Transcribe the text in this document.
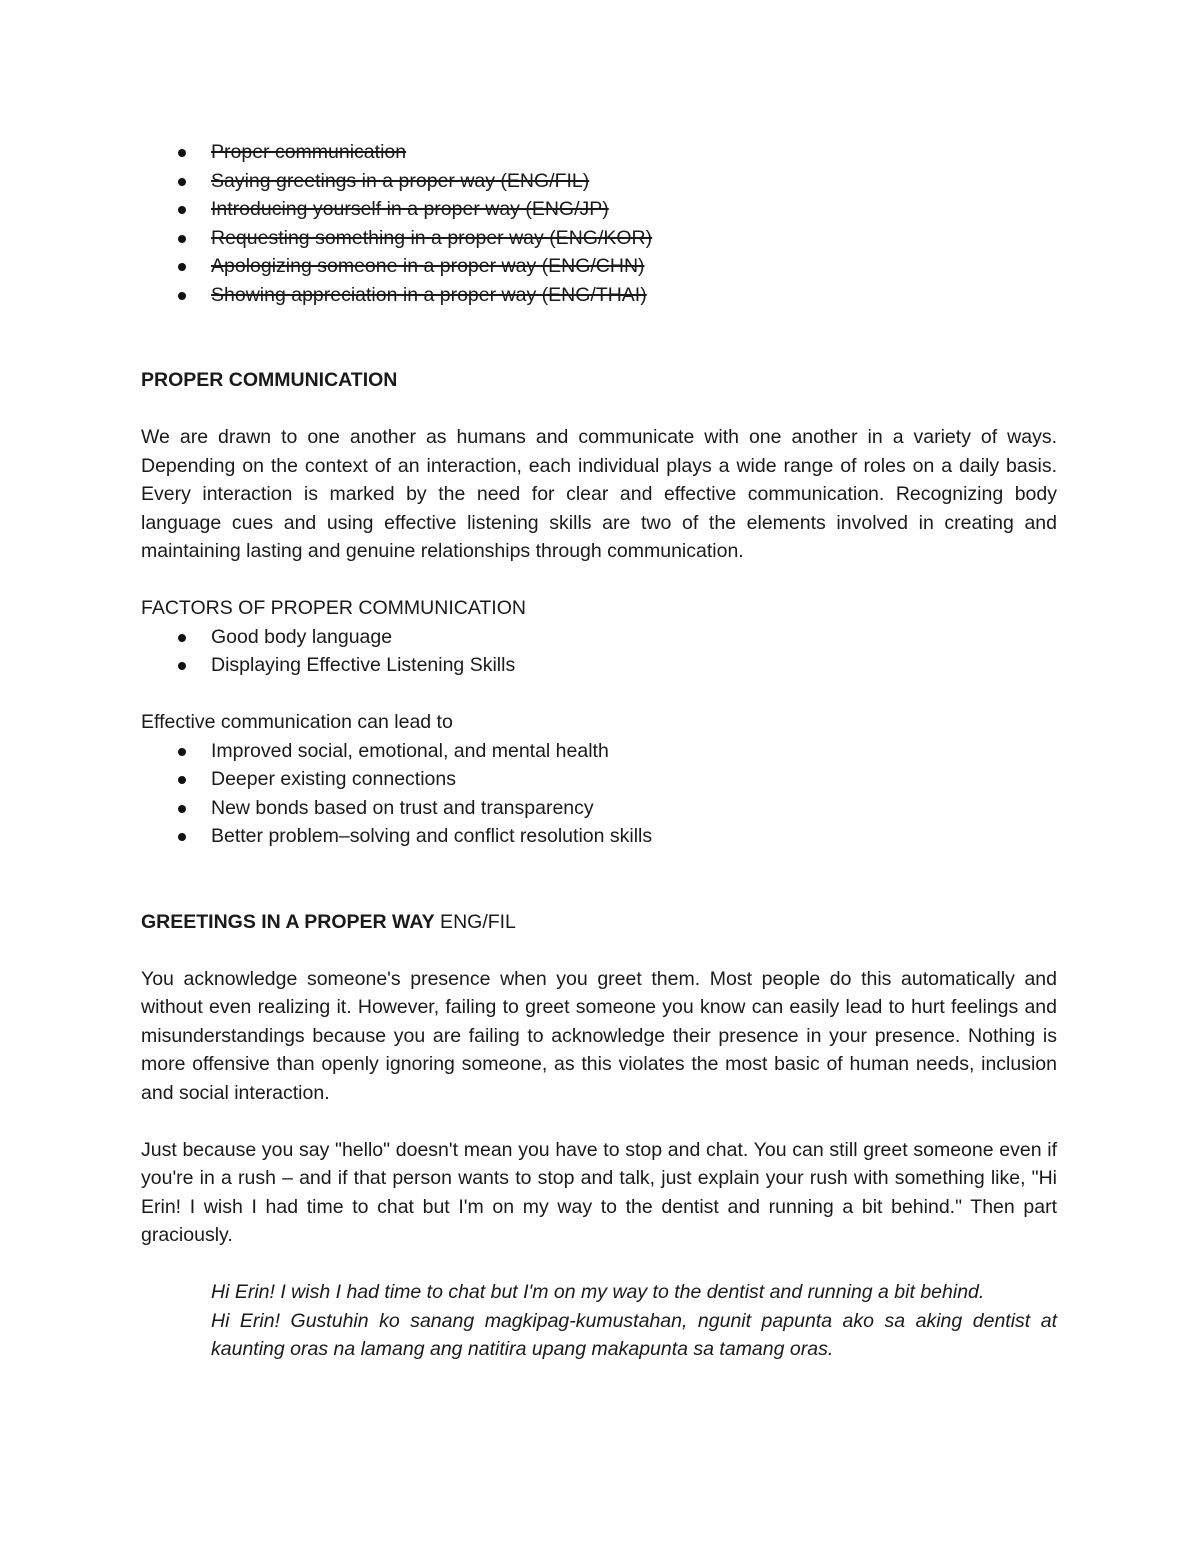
Proper communication
Saying greetings in a proper way (ENG/FIL)
Introducing yourself in a proper way (ENG/JP)
Requesting something in a proper way (ENG/KOR)
Apologizing someone in a proper way (ENG/CHN)
Showing appreciation in a proper way (ENG/THAI)

PROPER COMMUNICATION

We are drawn to one another as humans and communicate with one another in a variety of ways. Depending on the context of an interaction, each individual plays a wide range of roles on a daily basis. Every interaction is marked by the need for clear and effective communication. Recognizing body language cues and using effective listening skills are two of the elements involved in creating and maintaining lasting and genuine relationships through communication.

FACTORS OF PROPER COMMUNICATION

Good body language
Displaying Effective Listening Skills

Effective communication can lead to

Improved social, emotional, and mental health
Deeper existing connections
New bonds based on trust and transparency
Better problem–solving and conflict resolution skills

GREETINGS IN A PROPER WAY ENG/FIL

You acknowledge someone's presence when you greet them. Most people do this automatically and without even realizing it. However, failing to greet someone you know can easily lead to hurt feelings and misunderstandings because you are failing to acknowledge their presence in your presence. Nothing is more offensive than openly ignoring someone, as this violates the most basic of human needs, inclusion and social interaction.

Just because you say "hello" doesn't mean you have to stop and chat. You can still greet someone even if you're in a rush – and if that person wants to stop and talk, just explain your rush with something like, "Hi Erin! I wish I had time to chat but I'm on my way to the dentist and running a bit behind." Then part graciously.

Hi Erin! I wish I had time to chat but I'm on my way to the dentist and running a bit behind.

Hi Erin! Gustuhin ko sanang magkipag-kumustahan, ngunit papunta ako sa aking dentist at kaunting oras na lamang ang natitira upang makapunta sa tamang oras.
